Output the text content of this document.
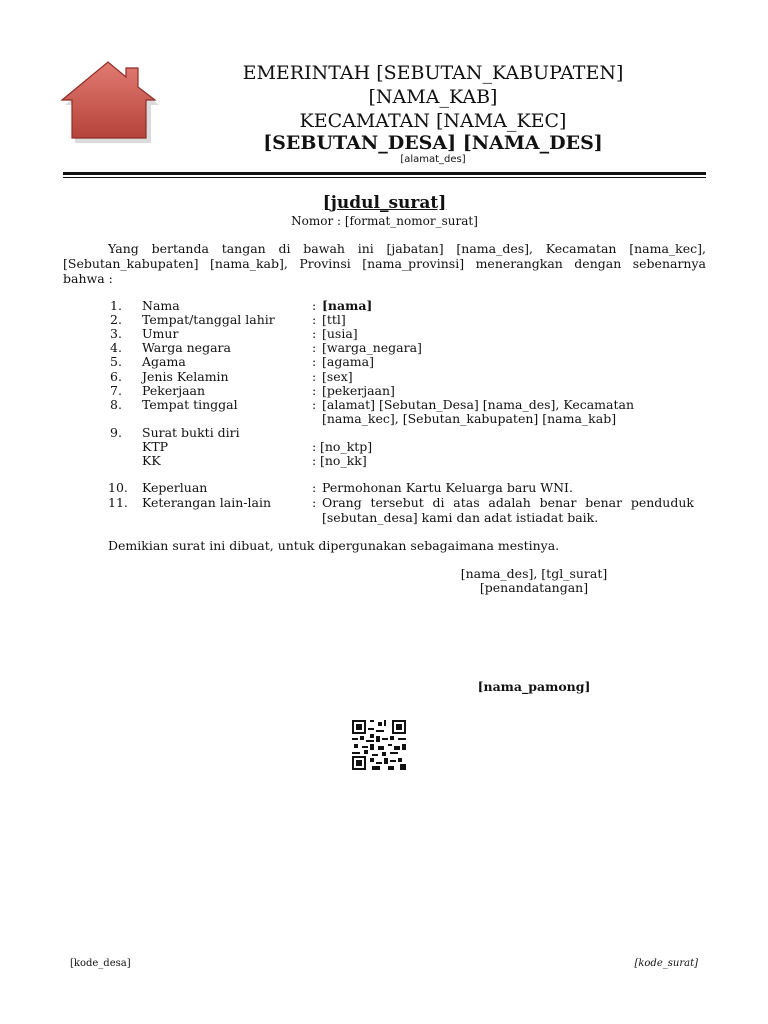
EMERINTAH [SEBUTAN_KABUPATEN]
[NAMA_KAB]
KECAMATAN [NAMA_KEC]
[SEBUTAN_DESA] [NAMA_DES]
[alamat_des]
[judul_surat]
Nomor : [format_nomor_surat]
Yang bertanda tangan di bawah ini [jabatan] [nama_des], Kecamatan [nama_kec], [Sebutan_kabupaten] [nama_kab], Provinsi [nama_provinsi] menerangkan dengan sebenarnya bahwa :
1. Nama	: [nama]
2. Tempat/tanggal lahir	: [ttl]
3. Umur	: [usia]
4. Warga negara	: [warga_negara]
5. Agama	: [agama]
6. Jenis Kelamin	: [sex]
7. Pekerjaan	: [pekerjaan]
8. Tempat tinggal	: [alamat] [Sebutan_Desa] [nama_des], Kecamatan
[nama_kec], [Sebutan_kabupaten] [nama_kab]
9. Surat bukti diri
KTP	: [no_ktp]
KK	: [no_kk]
10. Keperluan	: Permohonan Kartu Keluarga baru WNI.
11. Keterangan lain-lain	: Orang tersebut di atas adalah benar benar penduduk
[sebutan_desa] kami dan adat istiadat baik.
Demikian surat ini dibuat, untuk dipergunakan sebagaimana mestinya.
[nama_des], [tgl_surat]
[penandatangan]
[nama_pamong]
[kode_desa]	[kode_surat]
